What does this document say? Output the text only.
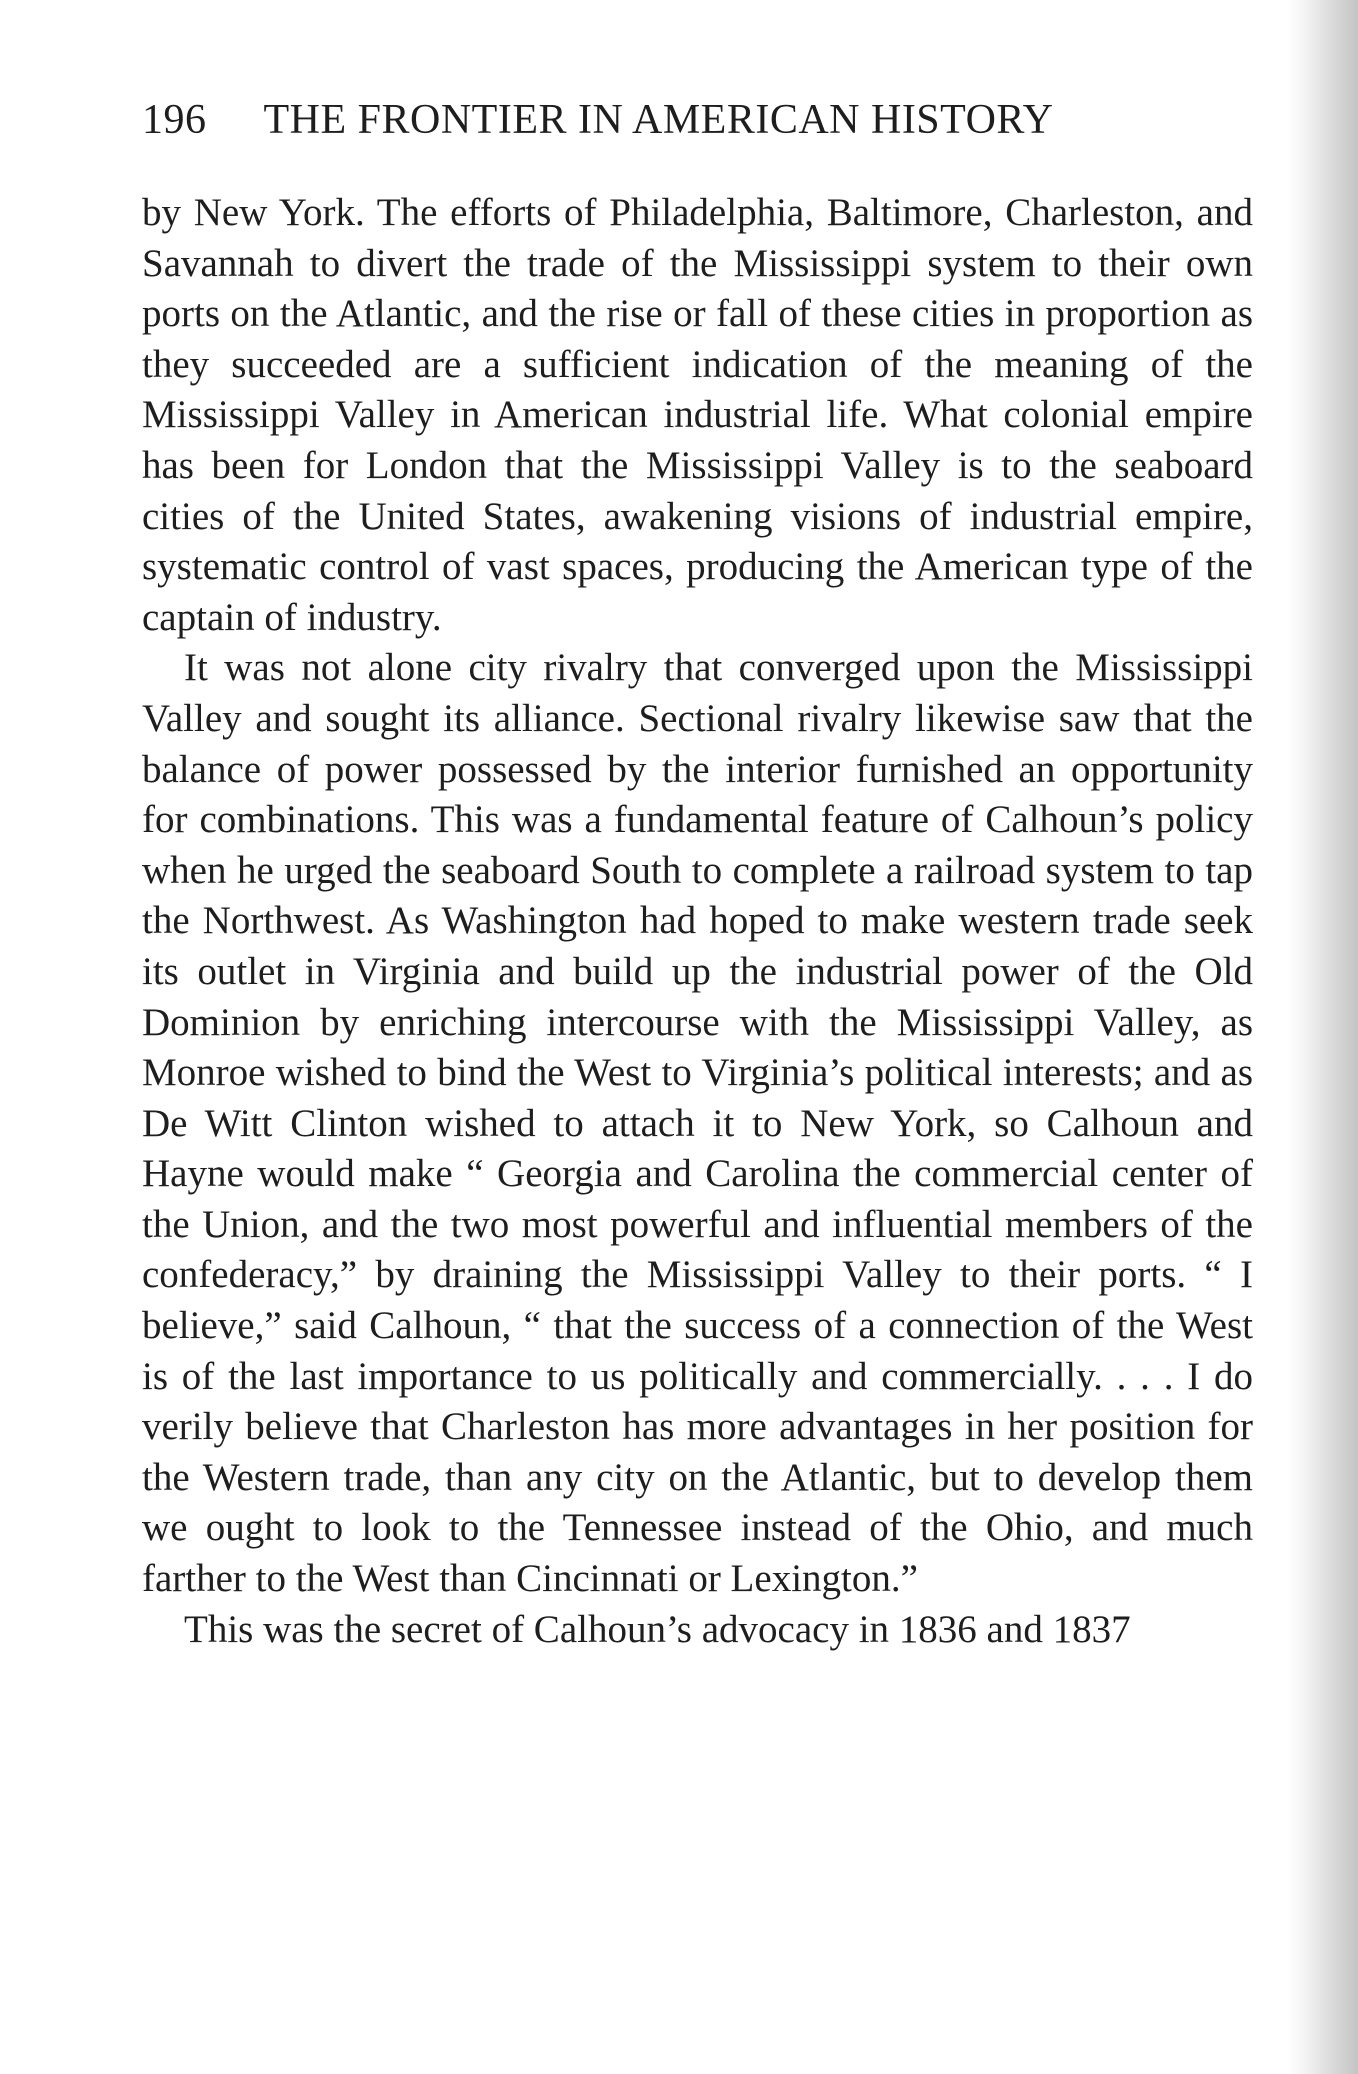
196 THE FRONTIER IN AMERICAN HISTORY

by New York. The efforts of Philadelphia, Baltimore, Charleston, and Savannah to divert the trade of the Mississippi system to their own ports on the Atlantic, and the rise or fall of these cities in proportion as they succeeded are a sufficient indication of the meaning of the Mississippi Valley in American industrial life. What colonial empire has been for London that the Mississippi Valley is to the seaboard cities of the United States, awakening visions of industrial empire, systematic control of vast spaces, producing the American type of the captain of industry.

It was not alone city rivalry that converged upon the Mississippi Valley and sought its alliance. Sectional rivalry likewise saw that the balance of power possessed by the interior furnished an opportunity for combinations. This was a fundamental feature of Calhoun’s policy when he urged the seaboard South to complete a railroad system to tap the Northwest. As Washington had hoped to make western trade seek its outlet in Virginia and build up the industrial power of the Old Dominion by enriching intercourse with the Mississippi Valley, as Monroe wished to bind the West to Virginia’s political interests; and as De Witt Clinton wished to attach it to New York, so Calhoun and Hayne would make “ Georgia and Carolina the commercial center of the Union, and the two most powerful and influential members of the confederacy,” by draining the Mississippi Valley to their ports. “ I believe,” said Calhoun, “ that the success of a connection of the West is of the last importance to us politically and commercially. . . . I do verily believe that Charleston has more advantages in her position for the Western trade, than any city on the Atlantic, but to develop them we ought to look to the Tennessee instead of the Ohio, and much farther to the West than Cincinnati or Lexington.”

This was the secret of Calhoun’s advocacy in 1836 and 1837
